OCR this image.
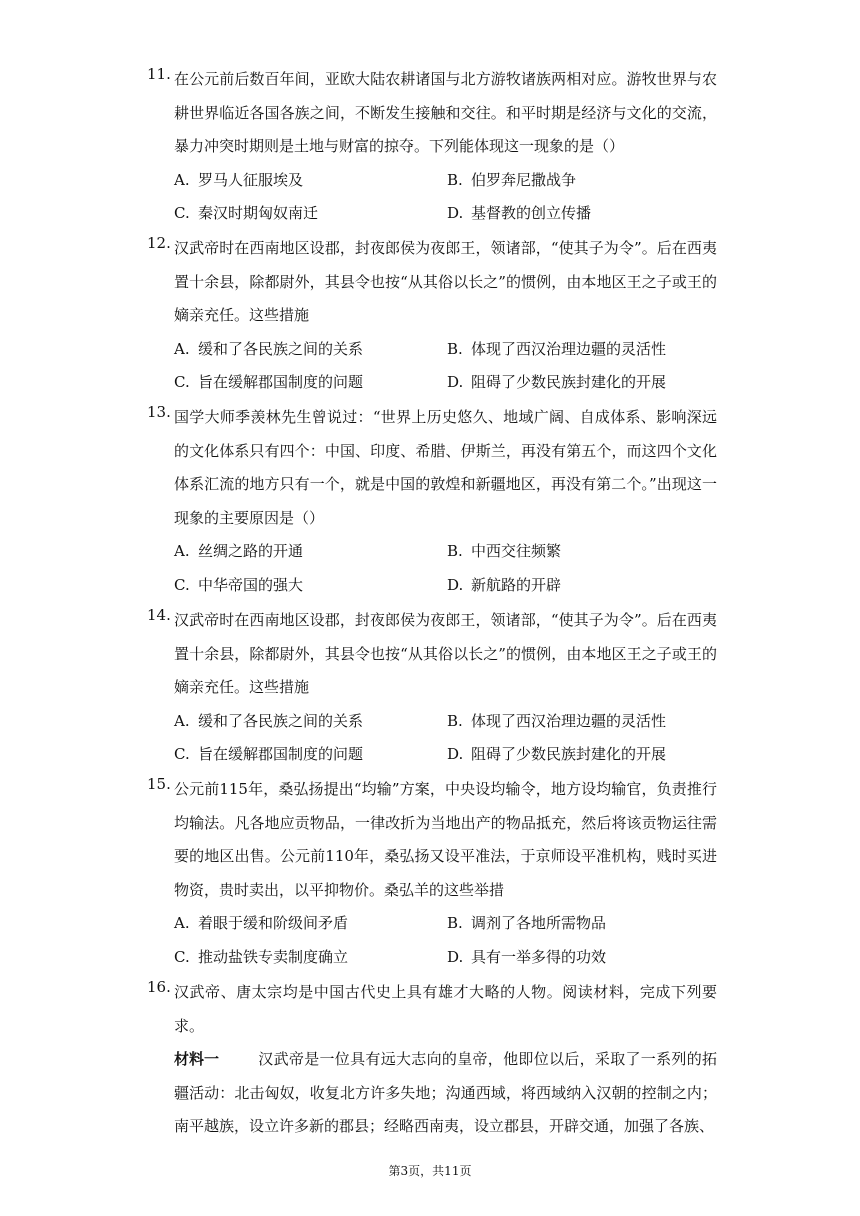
11. 在公元前后数百年间，亚欧大陆农耕诸国与北方游牧诸族两相对应。游牧世界与农耕世界临近各国各族之间，不断发生接触和交往。和平时期是经济与文化的交流，暴力冲突时期则是土地与财富的掠夺。下列能体现这一现象的是（）
A. 罗马人征服埃及	B. 伯罗奔尼撒战争
C. 秦汉时期匈奴南迁	D. 基督教的创立传播
12. 汉武帝时在西南地区设郡，封夜郎侯为夜郎王，领诸部，“使其子为令”。后在西夷置十余县，除都尉外，其县令也按“从其俗以长之”的惯例，由本地区王之子或王的嫡亲充任。这些措施
A. 缓和了各民族之间的关系	B. 体现了西汉治理边疆的灵活性
C. 旨在缓解郡国制度的问题	D. 阻碍了少数民族封建化的开展
13. 国学大师季羡林先生曾说过：“世界上历史悠久、地域广阔、自成体系、影响深远的文化体系只有四个：中国、印度、希腊、伊斯兰，再没有第五个，而这四个文化体系汇流的地方只有一个，就是中国的敦煌和新疆地区，再没有第二个。”出现这一现象的主要原因是（）
A. 丝绸之路的开通	B. 中西交往频繁
C. 中华帝国的强大	D. 新航路的开辟
14. 汉武帝时在西南地区设郡，封夜郎侯为夜郎王，领诸部，“使其子为令”。后在西夷置十余县，除都尉外，其县令也按“从其俗以长之”的惯例，由本地区王之子或王的嫡亲充任。这些措施
A. 缓和了各民族之间的关系	B. 体现了西汉治理边疆的灵活性
C. 旨在缓解郡国制度的问题	D. 阻碍了少数民族封建化的开展
15. 公元前115年，桑弘扬提出“均输”方案，中央设均输令，地方设均输官，负责推行均输法。凡各地应贡物品，一律改折为当地出产的物品抵充，然后将该贡物运往需要的地区出售。公元前110年，桑弘扬又设平准法，于京师设平准机构，贱时买进物资，贵时卖出，以平抑物价。桑弘羊的这些举措
A. 着眼于缓和阶级间矛盾	B. 调剂了各地所需物品
C. 推动盐铁专卖制度确立	D. 具有一举多得的功效
16. 汉武帝、唐太宗均是中国古代史上具有雄才大略的人物。阅读材料，完成下列要求。
材料一	汉武帝是一位具有远大志向的皇帝，他即位以后，采取了一系列的拓疆活动：北击匈奴，收复北方许多失地；沟通西域，将西域纳入汉朝的控制之内；南平越族，设立许多新的郡县；经略西南夷，设立郡县，开辟交通，加强了各族、
第3页，共11页
